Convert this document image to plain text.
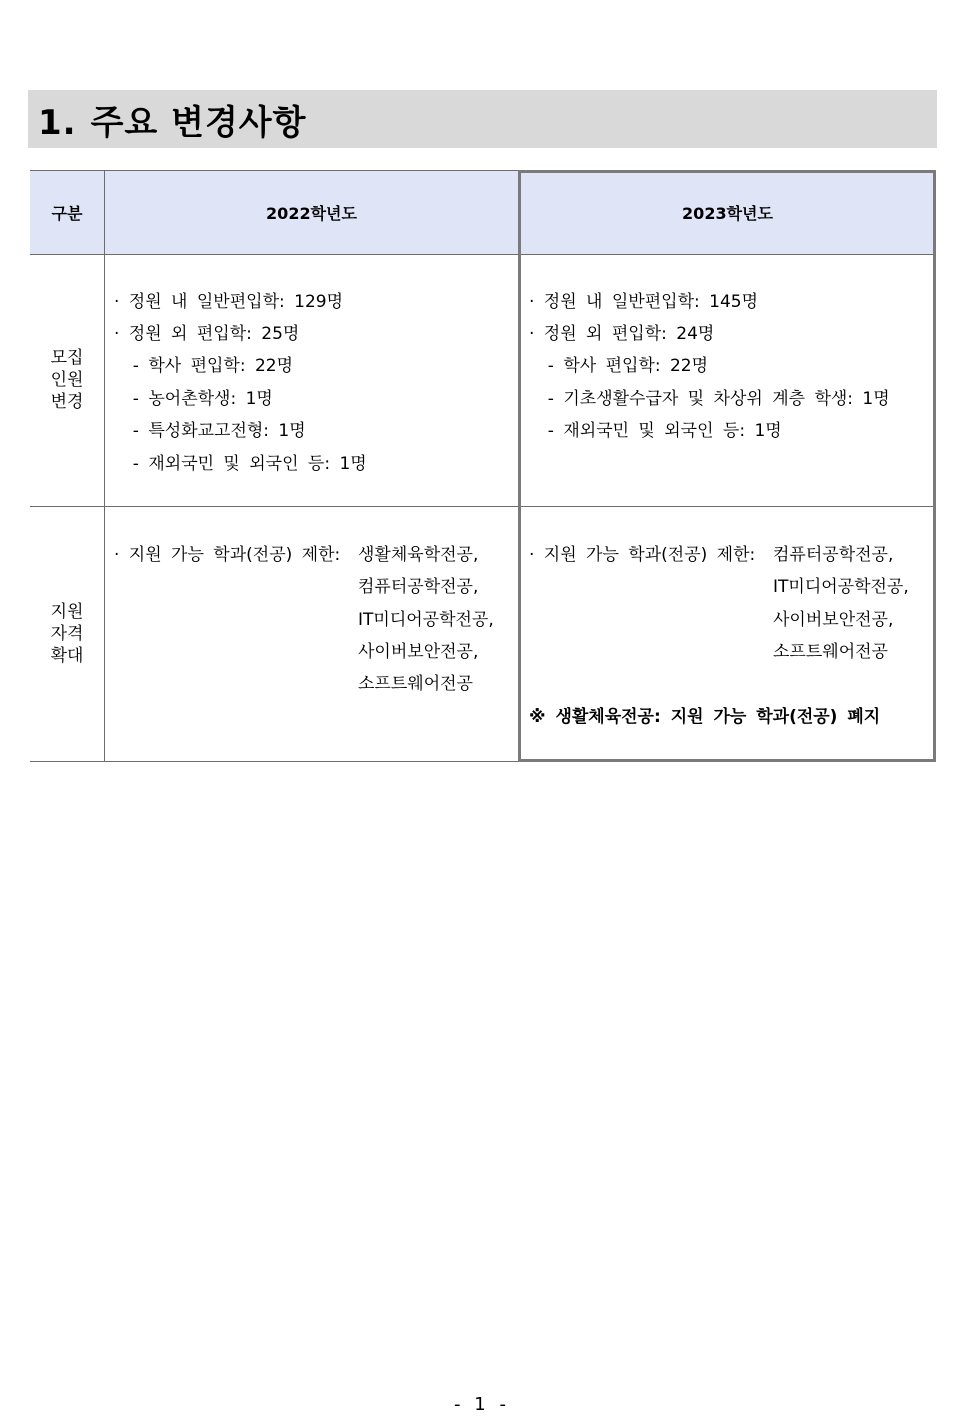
1. 주요 변경사항
구분	2022학년도	2023학년도
모집
인원
변경
지원
자격
확대
· 정원 내 일반편입학: 129명
· 정원 외 편입학: 25명
- 학사 편입학: 22명
- 농어촌학생: 1명
- 특성화교고전형: 1명
- 재외국민 및 외국인 등: 1명
· 정원 내 일반편입학: 145명
· 정원 외 편입학: 24명
- 학사 편입학: 22명
- 기초생활수급자 및 차상위 계층 학생: 1명
- 재외국민 및 외국인 등: 1명
· 지원 가능 학과(전공) 제한: 생활체육학전공,
컴퓨터공학전공,
IT미디어공학전공,
사이버보안전공,
소프트웨어전공
· 지원 가능 학과(전공) 제한: 컴퓨터공학전공,
IT미디어공학전공,
사이버보안전공,
소프트웨어전공
※ 생활체육전공: 지원 가능 학과(전공) 폐지
- 1 -
